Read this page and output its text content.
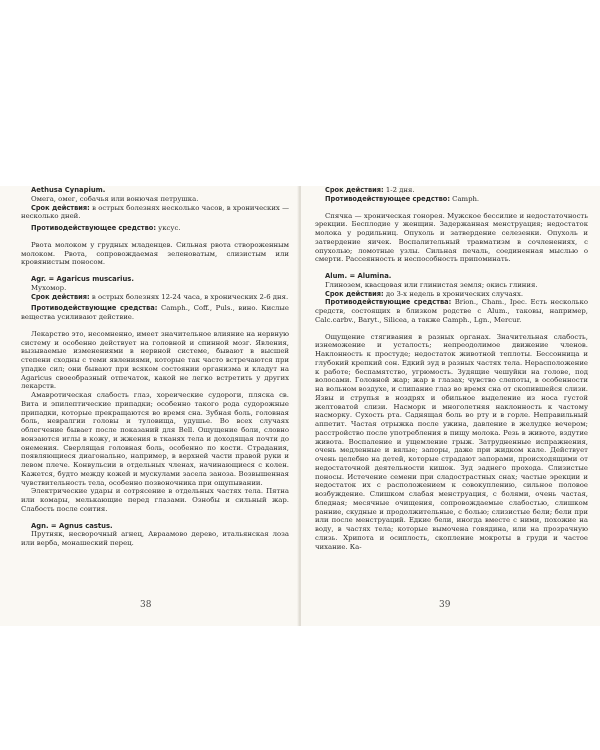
Aethusa Cynapium.

Омега, омег, собачья или вонючая петрушка.

Срок действия: в острых болезнях несколько часов, в хронических — несколько дней.

Противодействующее средство: уксус.

Рвота молоком у грудных младенцев. Сильная рвота створоженным молоком. Рвота, сопровождаемая зеленоватым, слизистым или кровянистым поносом.

Agr. = Agaricus muscarius.

Мухомор.

Срок действия: в острых болезнях 12-24 часа, в хронических 2-6 дня.

Противодействующие средства: Camph., Coff., Puls., вино. Кислые вещества усиливают действие.

Лекарство это, несомненно, имеет значительное влияние на нервную систему и особенно действует на головной и спинной мозг. Явления, вызываемые изменениями в нервной системе, бывают в высшей степени сходны с теми явлениями, которые так часто встречаются при упадке сил; они бывают при всяком состоянии организма и кладут на Agaricus своеобразный отпечаток, какой не легко встретить у других лекарств.

Амавротическая слабость глаз, хореические судороги, пляска св. Вита и эпилептические припадки; особенно такого рода судорожные припадки, которые прекращаются во время сна. Зубная боль, головная боль, невралгии головы и туловища, удушье. Во всех случаях облегчение бывает после показаний для Bell. Ощущение боли, словно вонзаются иглы в кожу, и жжения в тканях тела и доходящая почти до онемения. Сверлящая головная боль, особенно по кости. Страдания, появляющиеся диагонально, например, в верхней части правой руки и левом плече. Конвульсии в отдельных членах, начинающиеся с колен. Кажется, будто между кожей и мускулами засела заноза. Возвышенная чувствительность тела, особенно позвоночника при ощупывании.

Электрические удары и сотрясение в отдельных частях тела. Пятна или комары, мелькающие перед глазами. Ознобы и сильный жар. Слабость после соития.

Agn. = Agnus castus.

Прутняк, несворочный агнец, Авраамово дерево, итальянская лоза или верба, монашеский перец.

38

Срок действия: 1-2 дня.

Противодействующее средство: Camph.

Спячка — хроническая гонорея. Мужское бессилие и недостаточность эрекции. Бесплодие у женщин. Задержанная менструация; недостаток молока у родильниц. Опухоль и затвердение селезенки. Опухоль и затвердение яичек. Воспалительный травматизм в сочленениях, с опухолью; ломотные узлы. Сильная печаль, соединенная мыслью о смерти. Рассеянность и неспособность припоминать.

Alum. = Alumina.

Глинозем, квасцовая или глинистая земля; окись глиния.

Срок действия: до 3-х недель в хронических случаях.

Противодействующие средства: Brion., Cham., Ipec. Есть несколько средств, состоящих в близком родстве с Alum., таковы, например, Calc.carbv., Baryt., Silicea, а также Camph., Lgn., Mercur.

Ощущение стягивания в разных органах. Значительная слабость, изнеможение и усталость; непреодолимое движение членов. Наклонность к простуде; недостаток животной теплоты. Бессонница и глубокий крепкий сон. Едкий зуд в разных частях тела. Нерасположение к работе; беспамятство, угрюмость. Зудящие чешуйки на голове, под волосами. Головной жар; жар в глазах; чувство слепоты, в особенности на вольном воздухе, и слипание глаз во время сна от скопившейся слизи. Язвы и струпья в ноздрях и обильное выделение из носа густой желтоватой слизи. Насморк и многолетняя наклонность к частому насморку. Сухость рта. Саднящая боль во рту и в горле. Неправильный аппетит. Частая отрыжка после ужина, давление в желудке вечером; расстройство после употребления в пищу молока. Резь в животе, вздутие живота. Воспаление и ущемление грыж. Затрудненные испражнения, очень медленные и вялые; запоры, даже при жидком кале. Действует очень целебно на детей, которые страдают запорами, происходящими от недостаточной деятельности кишок. Зуд заднего прохода. Слизистые поносы. Истечение семени при сладострастных снах; частые эрекции и недостаток их с расположением к совокуплению, сильное половое возбуждение. Слишком слабая менструация, с болями, очень частая, бледная; месячные очищения, сопровождаемые слабостью, слишком ранние, скудные и продолжительные, с болью; слизистые бели; бели при или после менструаций. Едкие бели, иногда вместе с ними, похожие на воду, в частях тела; которые вымочена говядина, или на прозрачную слизь. Хрипота и осиплость, скопление мокроты в груди и частое чихание. Ка-

39
